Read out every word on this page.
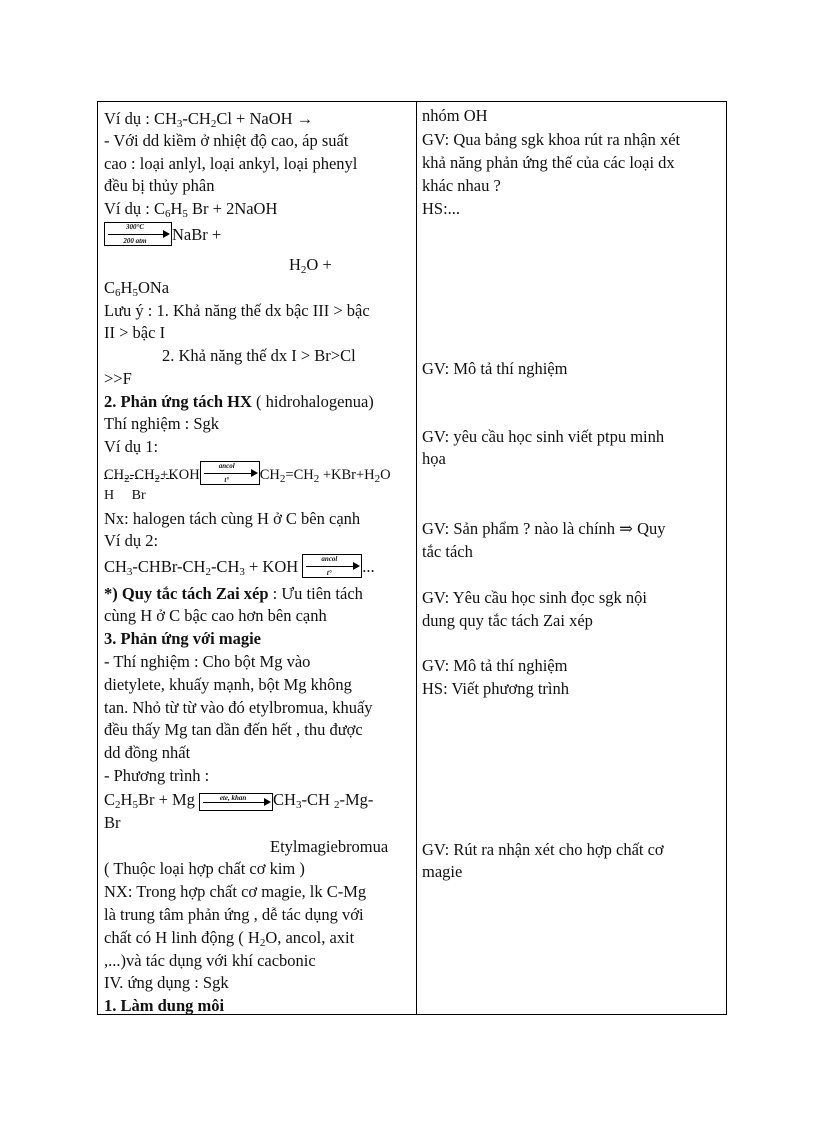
Ví dụ : $CH_3-CH_2Cl$ + NaOH →
- Với dd kiềm ở nhiệt độ cao, áp suất
cao : loại anlyl, loại ankyl, loại phenyl
đều bị thủy phân
Ví dụ : $C_6H_5$ Br + 2NaOH
300°C
200 atm	NaBr +
$H_2O$ +
$C_6H_5ONa$
Lưu ý : 1. Khả năng thế dx bậc III > bậc
II > bậc I
2. Khả năng thế dx I > Br>Cl
>>F
2. Phản ứng tách HX ( hidrohalogenua)
Thí nghiệm : Sgk
Ví dụ 1:
$CH_2-CH_2+KOH$
ancol
t°	$CH_2=CH_2 +KBr+H_2O$
H     Br
Nx: halogen tách cùng H ở C bên cạnh
Ví dụ 2:
$CH_3-CHBr-CH_2-CH_3$ + KOH	ancol
t°	...
*) Quy tắc tách Zai xép : Ưu tiên tách
cùng H ở C bậc cao hơn bên cạnh
3. Phản ứng với magie
- Thí nghiệm : Cho bột Mg vào
dietylete, khuấy mạnh, bột Mg không
tan. Nhỏ từ từ vào đó etylbromua, khuấy
đều thấy Mg tan dần đến hết , thu được
dd đồng nhất
- Phương trình :
$C_2H_5Br + Mg$	ete, khan	$CH_3-CH$ $_2$-Mg-
Br
Etylmagiebromua
( Thuộc loại hợp chất cơ kim )
NX: Trong hợp chất cơ magie, lk C-Mg
là trung tâm phản ứng , dễ tác dụng với
chất có H linh động ( $H_2O$, ancol, axit
,...)và tác dụng với khí cacbonic
IV. ứng dụng : Sgk
1. Làm dung môi
nhóm OH
GV: Qua bảng sgk khoa rút ra nhận xét
khả năng phản ứng thế của các loại dx
khác nhau ?
HS:...
GV: Mô tả thí nghiệm
GV: yêu cầu học sinh viết ptpu minh
họa
GV: Sản phẩm ? nào là chính ⇒ Quy
tắc tách
GV: Yêu cầu học sinh đọc sgk nội
dung quy tắc tách Zai xép
GV: Mô tả thí nghiệm
HS: Viết phương trình
GV: Rút ra nhận xét cho hợp chất cơ
magie
